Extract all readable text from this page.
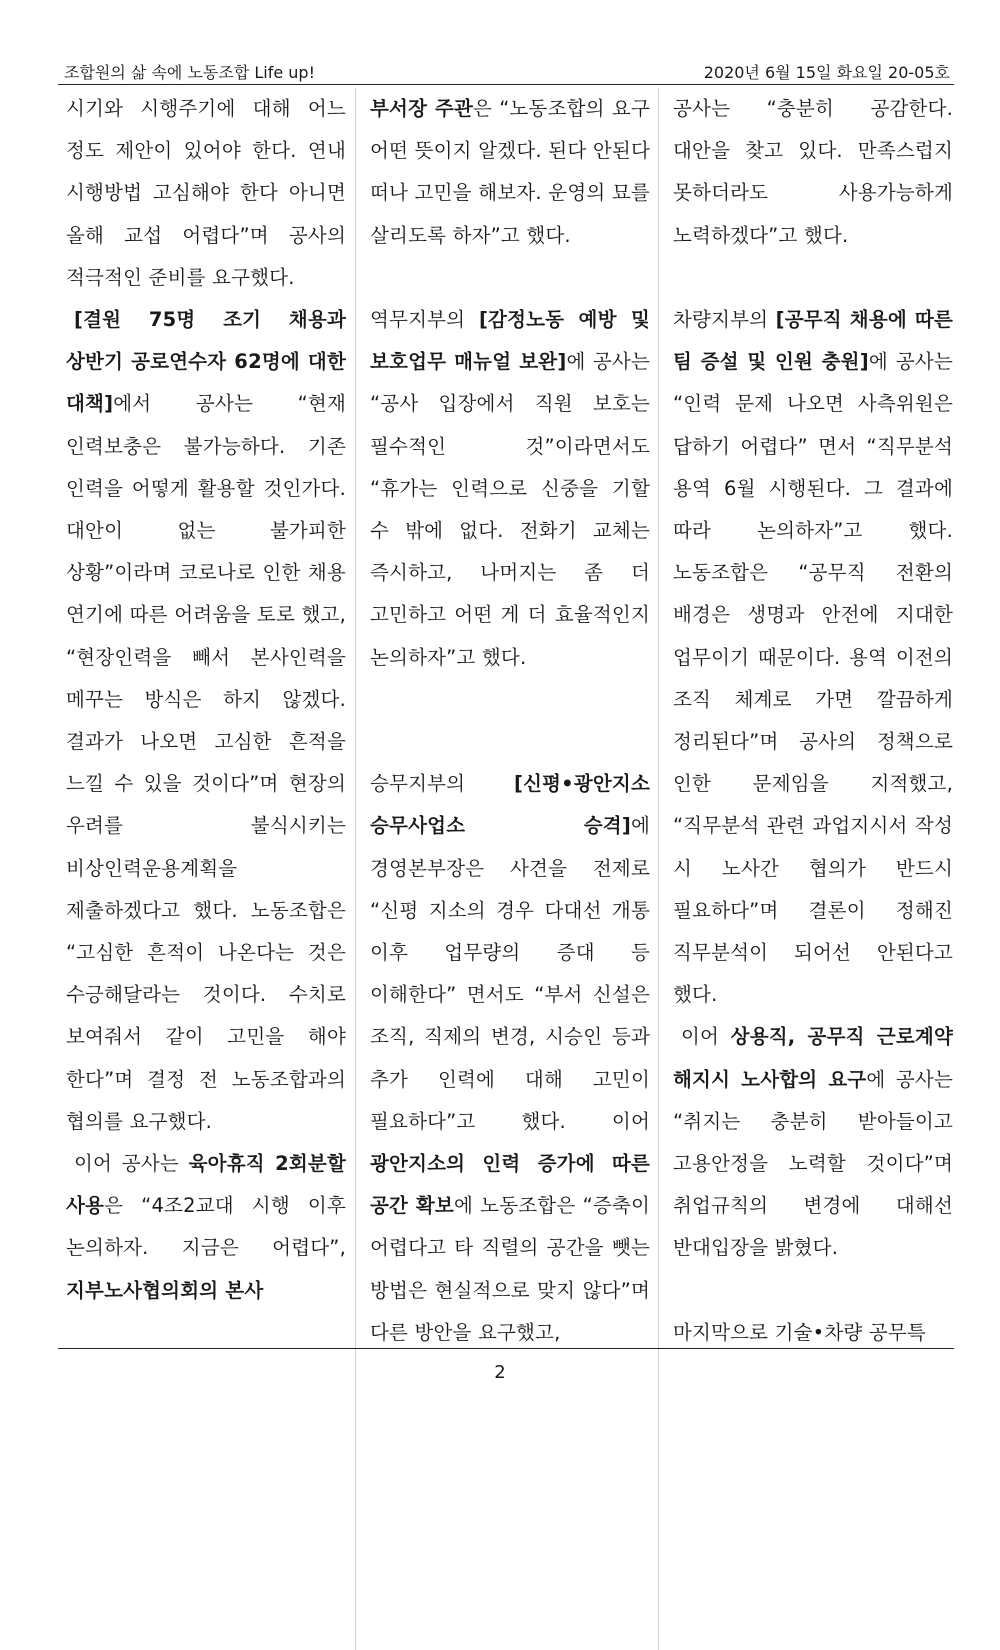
조합원의 삶 속에 노동조합 Life up!	2020년 6월 15일 화요일 20-05호

시기와 시행주기에 대해 어느 정도 제안이 있어야 한다. 연내 시행방법 고심해야 한다 아니면 올해 교섭 어렵다”며 공사의 적극적인 준비를 요구했다.

[결원 75명 조기 채용과 상반기 공로연수자 62명에 대한 대책]에서 공사는 “현재 인력보충은 불가능하다. 기존 인력을 어떻게 활용할 것인가다. 대안이 없는 불가피한 상황”이라며 코로나로 인한 채용 연기에 따른 어려움을 토로 했고, “현장인력을 빼서 본사인력을 메꾸는 방식은 하지 않겠다. 결과가 나오면 고심한 흔적을 느낄 수 있을 것이다”며 현장의 우려를 불식시키는 비상인력운용계획을 제출하겠다고 했다. 노동조합은 “고심한 흔적이 나온다는 것은 수긍해달라는 것이다. 수치로 보여줘서 같이 고민을 해야 한다”며 결정 전 노동조합과의 협의를 요구했다.

이어 공사는 육아휴직 2회분할 사용은 “4조2교대 시행 이후 논의하자. 지금은 어렵다”, 지부노사협의회의 본사

부서장 주관은 “노동조합의 요구 어떤 뜻이지 알겠다. 된다 안된다 떠나 고민을 해보자. 운영의 묘를 살리도록 하자”고 했다.

역무지부의 [감정노동 예방 및 보호업무 매뉴얼 보완]에 공사는 “공사 입장에서 직원 보호는 필수적인 것”이라면서도 “휴가는 인력으로 신중을 기할 수 밖에 없다. 전화기 교체는 즉시하고, 나머지는 좀 더 고민하고 어떤 게 더 효율적인지 논의하자”고 했다.

승무지부의 [신평•광안지소 승무사업소 승격]에 경영본부장은 사견을 전제로 “신평 지소의 경우 다대선 개통 이후 업무량의 증대 등 이해한다” 면서도 “부서 신설은 조직, 직제의 변경, 시승인 등과 추가 인력에 대해 고민이 필요하다”고 했다. 이어 광안지소의 인력 증가에 따른 공간 확보에 노동조합은 “증축이 어렵다고 타 직렬의 공간을 뺏는 방법은 현실적으로 맞지 않다”며 다른 방안을 요구했고,

공사는 “충분히 공감한다. 대안을 찾고 있다. 만족스럽지 못하더라도 사용가능하게 노력하겠다”고 했다.

차량지부의 [공무직 채용에 따른 팀 증설 및 인원 충원]에 공사는 “인력 문제 나오면 사측위원은 답하기 어렵다” 면서 “직무분석 용역 6월 시행된다. 그 결과에 따라 논의하자”고 했다. 노동조합은 “공무직 전환의 배경은 생명과 안전에 지대한 업무이기 때문이다. 용역 이전의 조직 체계로 가면 깔끔하게 정리된다”며 공사의 정책으로 인한 문제임을 지적했고, “직무분석 관련 과업지시서 작성 시 노사간 협의가 반드시 필요하다”며 결론이 정해진 직무분석이 되어선 안된다고 했다.

이어 상용직, 공무직 근로계약 해지시 노사합의 요구에 공사는 “취지는 충분히 받아들이고 고용안정을 노력할 것이다”며 취업규칙의 변경에 대해선 반대입장을 밝혔다.

마지막으로 기술•차량 공무특

2
